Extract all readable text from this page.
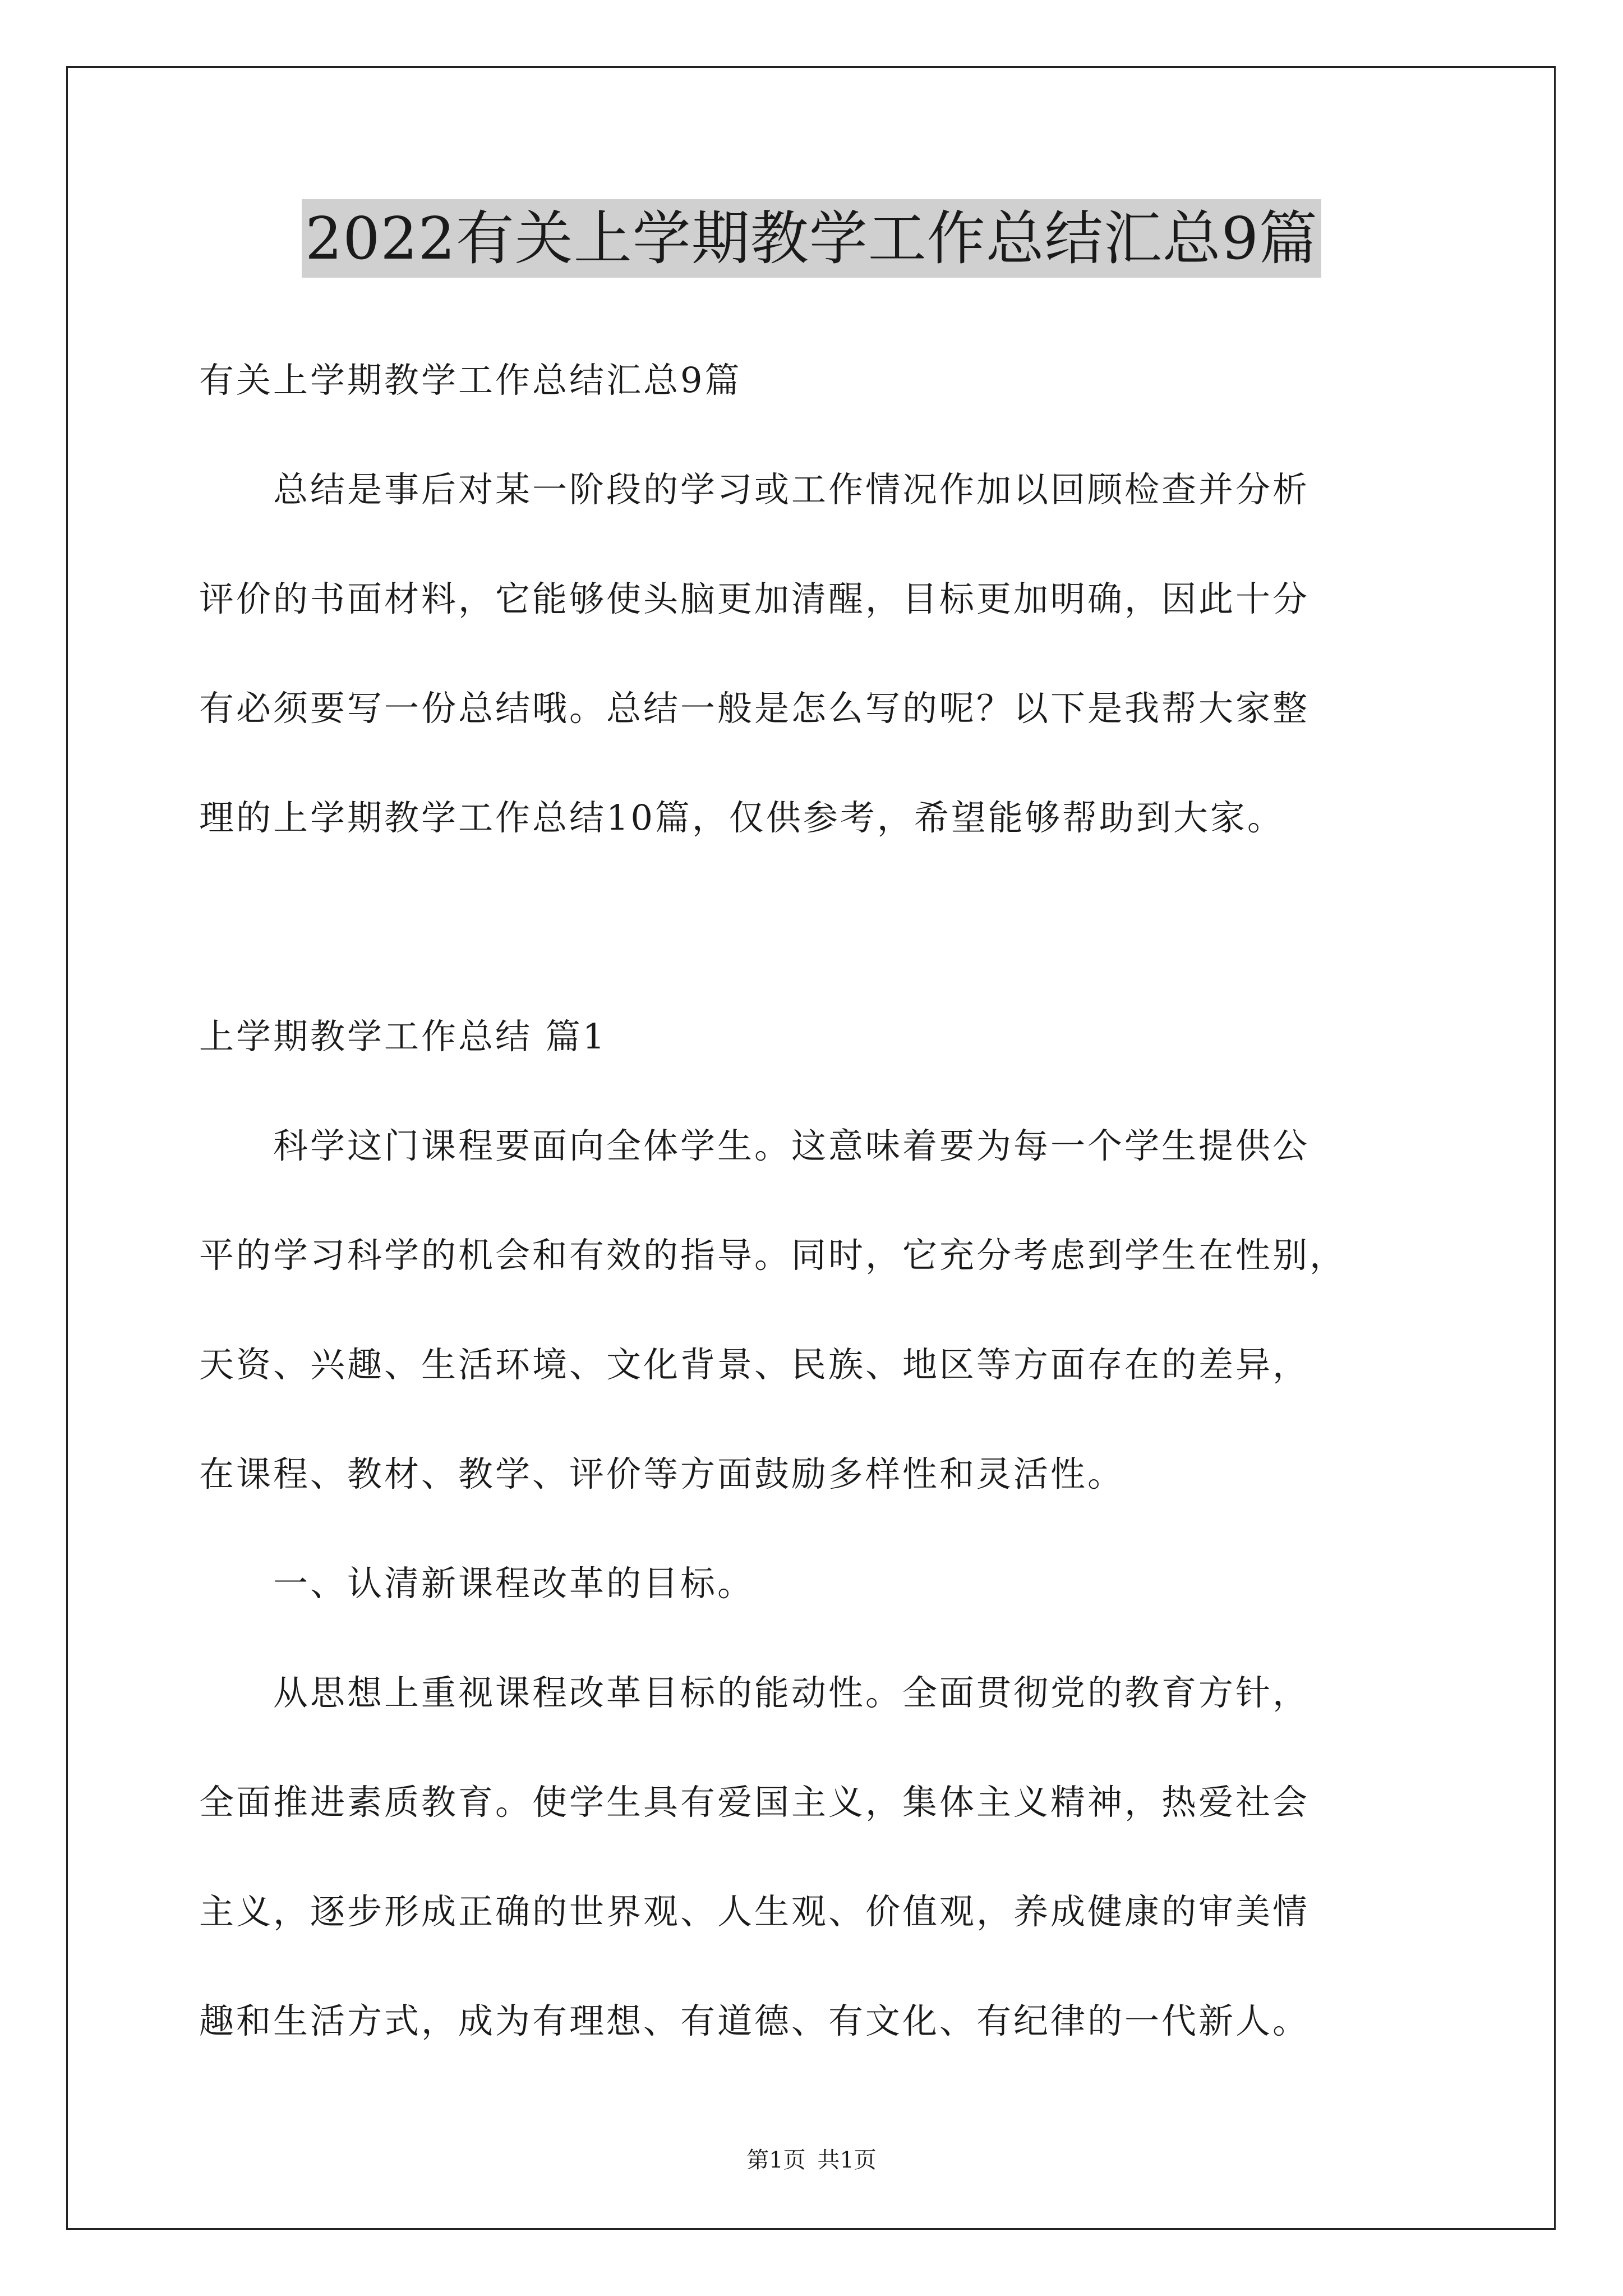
2022有关上学期教学工作总结汇总9篇
有关上学期教学工作总结汇总9篇
　　总结是事后对某一阶段的学习或工作情况作加以回顾检查并分析
评价的书面材料，它能够使头脑更加清醒，目标更加明确，因此十分
有必须要写一份总结哦。总结一般是怎么写的呢？以下是我帮大家整
理的上学期教学工作总结10篇，仅供参考，希望能够帮助到大家。
上学期教学工作总结 篇1
　　科学这门课程要面向全体学生。这意味着要为每一个学生提供公
平的学习科学的机会和有效的指导。同时，它充分考虑到学生在性别，
天资、兴趣、生活环境、文化背景、民族、地区等方面存在的差异，
在课程、教材、教学、评价等方面鼓励多样性和灵活性。
　　一、认清新课程改革的目标。
　　从思想上重视课程改革目标的能动性。全面贯彻党的教育方针，
全面推进素质教育。使学生具有爱国主义，集体主义精神，热爱社会
主义，逐步形成正确的世界观、人生观、价值观，养成健康的审美情
趣和生活方式，成为有理想、有道德、有文化、有纪律的一代新人。
第1页 共1页
